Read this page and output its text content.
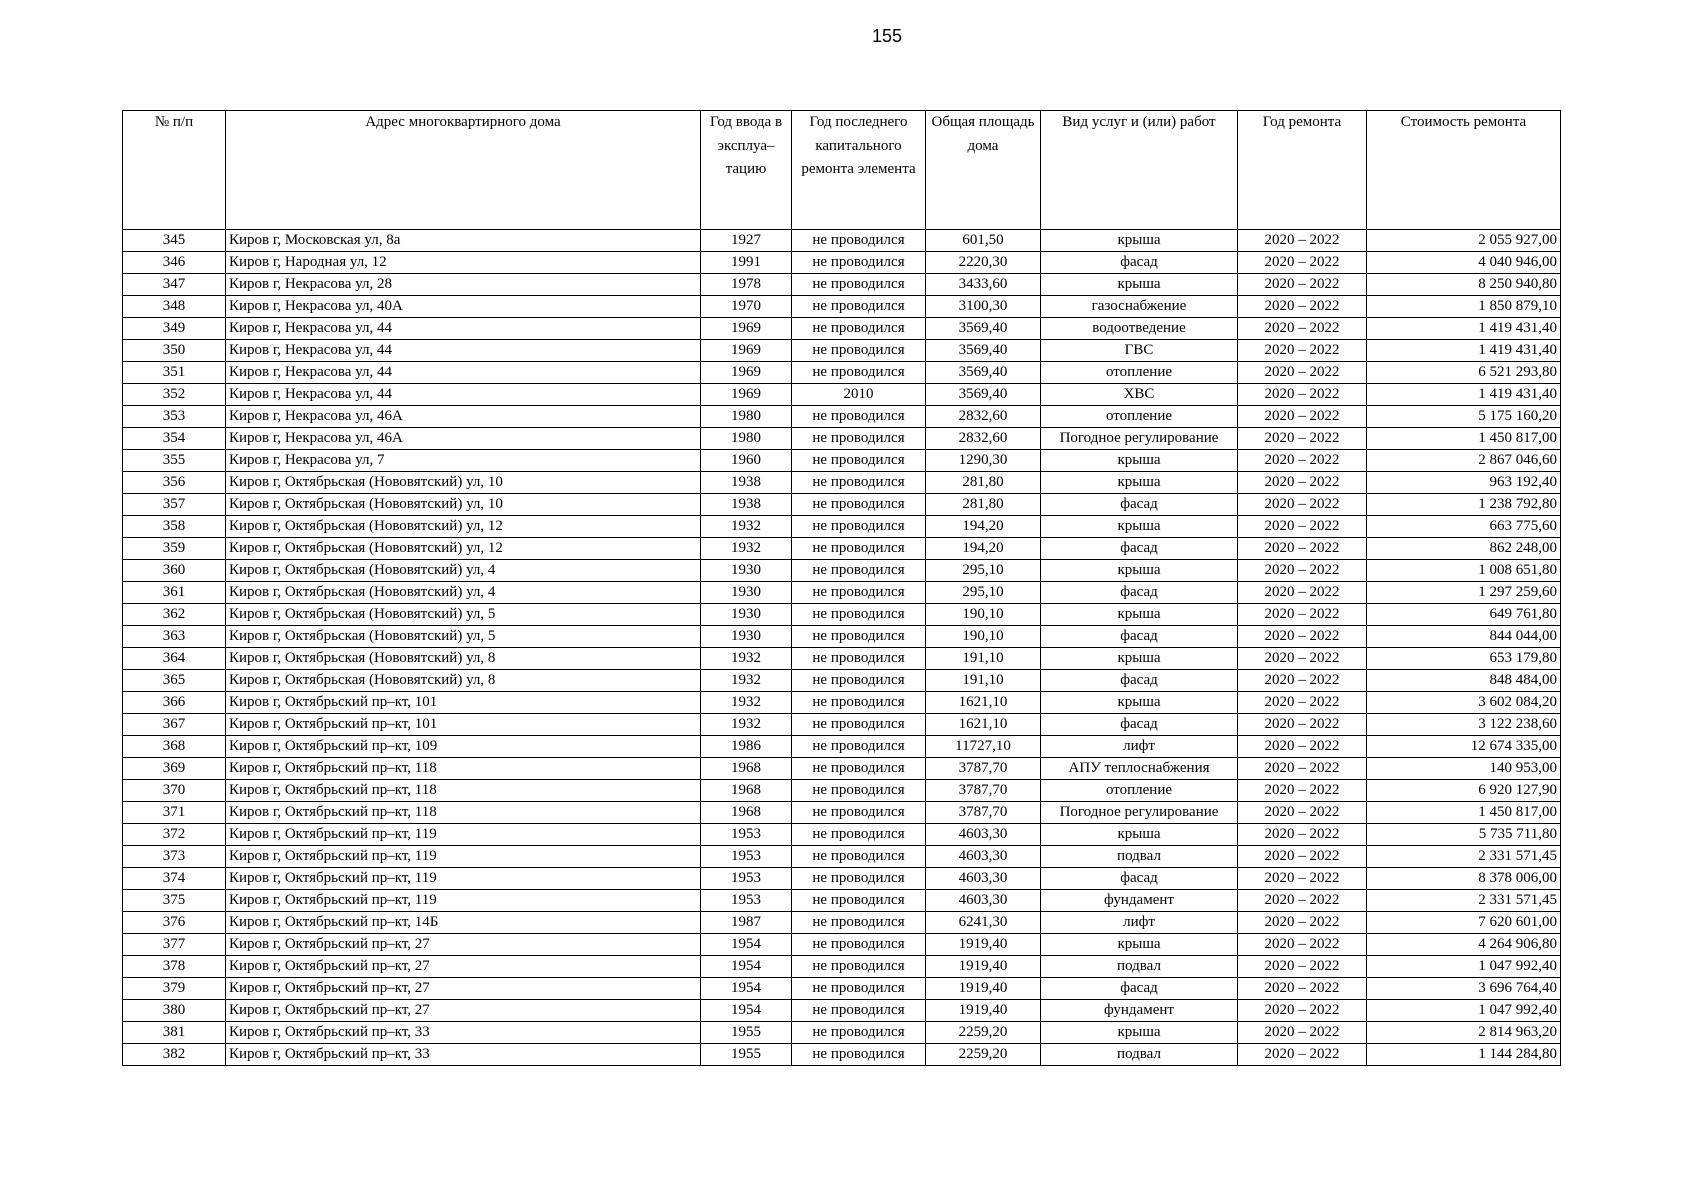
155
№ п/п	Адрес многоквартирного дома	Год ввода в эксплуа–тацию	Год последнего капитального ремонта элемента	Общая площадь дома	Вид услуг и (или) работ	Год ремонта	Стоимость ремонта
345	Киров г, Московская ул, 8а	1927	не проводился	601,50	крыша	2020 – 2022	2 055 927,00
346	Киров г, Народная ул, 12	1991	не проводился	2220,30	фасад	2020 – 2022	4 040 946,00
347	Киров г, Некрасова ул, 28	1978	не проводился	3433,60	крыша	2020 – 2022	8 250 940,80
348	Киров г, Некрасова ул, 40А	1970	не проводился	3100,30	газоснабжение	2020 – 2022	1 850 879,10
349	Киров г, Некрасова ул, 44	1969	не проводился	3569,40	водоотведение	2020 – 2022	1 419 431,40
350	Киров г, Некрасова ул, 44	1969	не проводился	3569,40	ГВС	2020 – 2022	1 419 431,40
351	Киров г, Некрасова ул, 44	1969	не проводился	3569,40	отопление	2020 – 2022	6 521 293,80
352	Киров г, Некрасова ул, 44	1969	2010	3569,40	ХВС	2020 – 2022	1 419 431,40
353	Киров г, Некрасова ул, 46А	1980	не проводился	2832,60	отопление	2020 – 2022	5 175 160,20
354	Киров г, Некрасова ул, 46А	1980	не проводился	2832,60	Погодное регулирование	2020 – 2022	1 450 817,00
355	Киров г, Некрасова ул, 7	1960	не проводился	1290,30	крыша	2020 – 2022	2 867 046,60
356	Киров г, Октябрьская (Нововятский) ул, 10	1938	не проводился	281,80	крыша	2020 – 2022	963 192,40
357	Киров г, Октябрьская (Нововятский) ул, 10	1938	не проводился	281,80	фасад	2020 – 2022	1 238 792,80
358	Киров г, Октябрьская (Нововятский) ул, 12	1932	не проводился	194,20	крыша	2020 – 2022	663 775,60
359	Киров г, Октябрьская (Нововятский) ул, 12	1932	не проводился	194,20	фасад	2020 – 2022	862 248,00
360	Киров г, Октябрьская (Нововятский) ул, 4	1930	не проводился	295,10	крыша	2020 – 2022	1 008 651,80
361	Киров г, Октябрьская (Нововятский) ул, 4	1930	не проводился	295,10	фасад	2020 – 2022	1 297 259,60
362	Киров г, Октябрьская (Нововятский) ул, 5	1930	не проводился	190,10	крыша	2020 – 2022	649 761,80
363	Киров г, Октябрьская (Нововятский) ул, 5	1930	не проводился	190,10	фасад	2020 – 2022	844 044,00
364	Киров г, Октябрьская (Нововятский) ул, 8	1932	не проводился	191,10	крыша	2020 – 2022	653 179,80
365	Киров г, Октябрьская (Нововятский) ул, 8	1932	не проводился	191,10	фасад	2020 – 2022	848 484,00
366	Киров г, Октябрьский пр–кт, 101	1932	не проводился	1621,10	крыша	2020 – 2022	3 602 084,20
367	Киров г, Октябрьский пр–кт, 101	1932	не проводился	1621,10	фасад	2020 – 2022	3 122 238,60
368	Киров г, Октябрьский пр–кт, 109	1986	не проводился	11727,10	лифт	2020 – 2022	12 674 335,00
369	Киров г, Октябрьский пр–кт, 118	1968	не проводился	3787,70	АПУ теплоснабжения	2020 – 2022	140 953,00
370	Киров г, Октябрьский пр–кт, 118	1968	не проводился	3787,70	отопление	2020 – 2022	6 920 127,90
371	Киров г, Октябрьский пр–кт, 118	1968	не проводился	3787,70	Погодное регулирование	2020 – 2022	1 450 817,00
372	Киров г, Октябрьский пр–кт, 119	1953	не проводился	4603,30	крыша	2020 – 2022	5 735 711,80
373	Киров г, Октябрьский пр–кт, 119	1953	не проводился	4603,30	подвал	2020 – 2022	2 331 571,45
374	Киров г, Октябрьский пр–кт, 119	1953	не проводился	4603,30	фасад	2020 – 2022	8 378 006,00
375	Киров г, Октябрьский пр–кт, 119	1953	не проводился	4603,30	фундамент	2020 – 2022	2 331 571,45
376	Киров г, Октябрьский пр–кт, 14Б	1987	не проводился	6241,30	лифт	2020 – 2022	7 620 601,00
377	Киров г, Октябрьский пр–кт, 27	1954	не проводился	1919,40	крыша	2020 – 2022	4 264 906,80
378	Киров г, Октябрьский пр–кт, 27	1954	не проводился	1919,40	подвал	2020 – 2022	1 047 992,40
379	Киров г, Октябрьский пр–кт, 27	1954	не проводился	1919,40	фасад	2020 – 2022	3 696 764,40
380	Киров г, Октябрьский пр–кт, 27	1954	не проводился	1919,40	фундамент	2020 – 2022	1 047 992,40
381	Киров г, Октябрьский пр–кт, 33	1955	не проводился	2259,20	крыша	2020 – 2022	2 814 963,20
382	Киров г, Октябрьский пр–кт, 33	1955	не проводился	2259,20	подвал	2020 – 2022	1 144 284,80
